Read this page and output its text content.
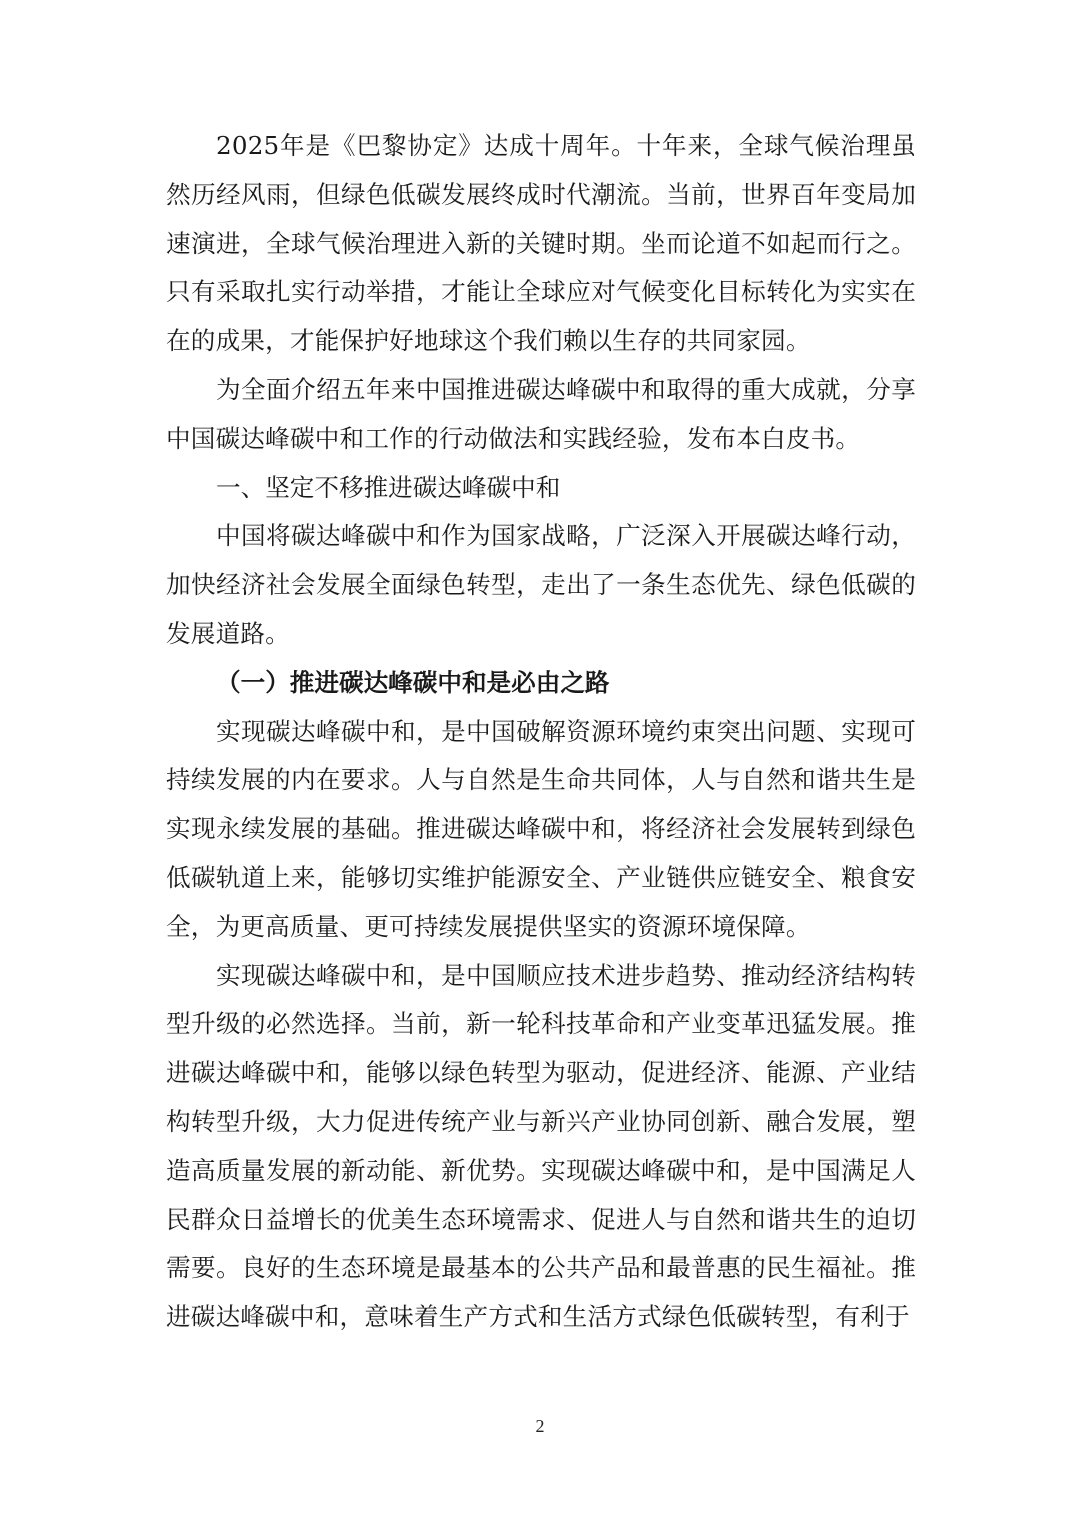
2025年是《巴黎协定》达成十周年。十年来，全球气候治理虽然历经风雨，但绿色低碳发展终成时代潮流。当前，世界百年变局加速演进，全球气候治理进入新的关键时期。坐而论道不如起而行之。只有采取扎实行动举措，才能让全球应对气候变化目标转化为实实在在的成果，才能保护好地球这个我们赖以生存的共同家园。

为全面介绍五年来中国推进碳达峰碳中和取得的重大成就，分享中国碳达峰碳中和工作的行动做法和实践经验，发布本白皮书。

一、坚定不移推进碳达峰碳中和

中国将碳达峰碳中和作为国家战略，广泛深入开展碳达峰行动，加快经济社会发展全面绿色转型，走出了一条生态优先、绿色低碳的发展道路。

（一）推进碳达峰碳中和是必由之路

实现碳达峰碳中和，是中国破解资源环境约束突出问题、实现可持续发展的内在要求。人与自然是生命共同体，人与自然和谐共生是实现永续发展的基础。推进碳达峰碳中和，将经济社会发展转到绿色低碳轨道上来，能够切实维护能源安全、产业链供应链安全、粮食安全，为更高质量、更可持续发展提供坚实的资源环境保障。

实现碳达峰碳中和，是中国顺应技术进步趋势、推动经济结构转型升级的必然选择。当前，新一轮科技革命和产业变革迅猛发展。推进碳达峰碳中和，能够以绿色转型为驱动，促进经济、能源、产业结构转型升级，大力促进传统产业与新兴产业协同创新、融合发展，塑造高质量发展的新动能、新优势。实现碳达峰碳中和，是中国满足人民群众日益增长的优美生态环境需求、促进人与自然和谐共生的迫切需要。良好的生态环境是最基本的公共产品和最普惠的民生福祉。推进碳达峰碳中和，意味着生产方式和生活方式绿色低碳转型，有利于

2
